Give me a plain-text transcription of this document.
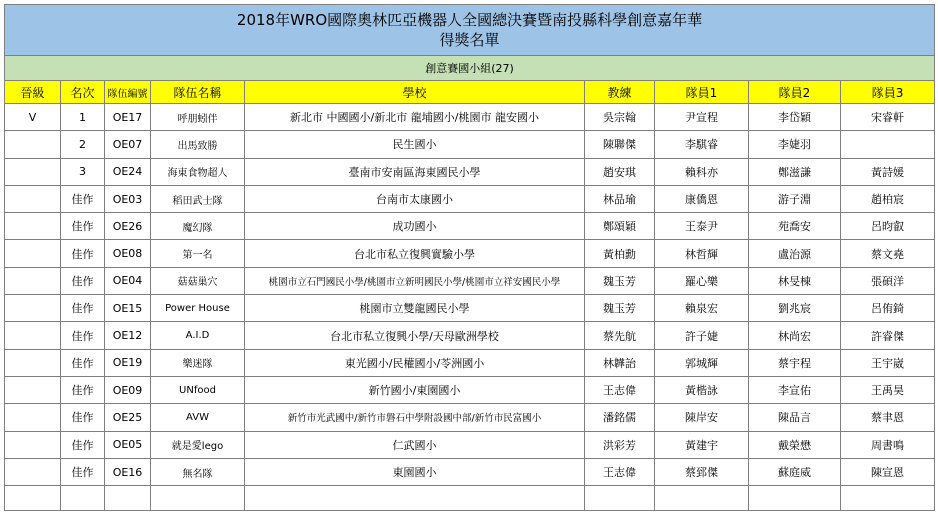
2018年WRO國際奧林匹亞機器人全國總決賽暨南投縣科學創意嘉年華
得獎名單								

創意賽國小組(27)								
晉級	名次	隊伍編號	隊伍名稱	學校	教練	隊員1	隊員2	隊員3
V	1	OE17	呼朋蚓伴	新北市 中國國小/新北市 龍埔國小/桃園市 龍安國小	吳宗翰	尹宣程	李岱穎	宋睿軒
	2	OE07	出馬致勝	民生國小	陳聯傑	李騏睿	李婕羽	
	3	OE24	海東食物超人	臺南市安南區海東國民小學	趙安琪	賴科亦	鄭滋謙	黃詩媛
	佳作	OE03	稻田武士隊	台南市太康國小	林品瑜	康僑恩	游子淵	趙柏宸
	佳作	OE26	魔幻隊	成功國小	鄭頌穎	王泰尹	苑喬安	呂昀叡
	佳作	OE08	第一名	台北市私立復興實驗小學	黃柏勳	林哲輝	盧治源	蔡文堯
	佳作	OE04	菇菇巢穴	桃園市立石門國民小學/桃園市立新明國民小學/桃園市立祥安國民小學	魏玉芳	羅心樂	林旻棟	張碩洋
	佳作	OE15	Power House	桃園市立雙龍國民小學	魏玉芳	賴泉宏	劉兆宸	呂侑錡
	佳作	OE12	A.I.D	台北市私立復興小學/天母歐洲學校	蔡先航	許子婕	林尚宏	許睿傑
	佳作	OE19	樂迷隊	東光國小/民權國小/苓洲國小	林韡詒	郭城輝	蔡宇程	王宇崴
	佳作	OE09	UNfood	新竹國小/東園國小	王志偉	黃楷詠	李宣佑	王禹昊
	佳作	OE25	AVW	新竹市光武國中/新竹市磐石中學附設國中部/新竹市民富國小	潘銘儒	陳岸安	陳品言	蔡聿恩
	佳作	OE05	就是愛lego	仁武國小	洪彩芳	黃建宇	戴榮懋	周書鳴
	佳作	OE16	無名隊	東園國小	王志偉	蔡郅傑	蘇庭威	陳宣恩
